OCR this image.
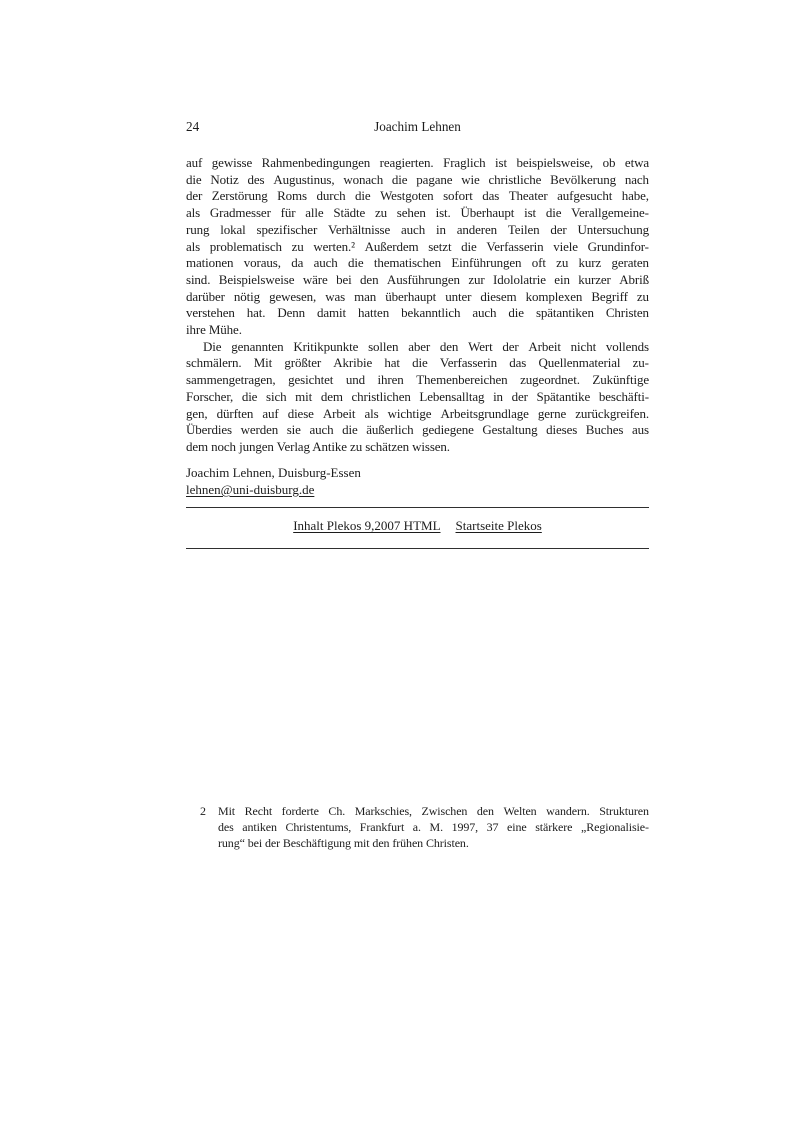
24	Joachim Lehnen
auf gewisse Rahmenbedingungen reagierten. Fraglich ist beispielsweise, ob etwa
die Notiz des Augustinus, wonach die pagane wie christliche Bevölkerung nach
der Zerstörung Roms durch die Westgoten sofort das Theater aufgesucht habe,
als Gradmesser für alle Städte zu sehen ist. Überhaupt ist die Verallgemeine-
rung lokal spezifischer Verhältnisse auch in anderen Teilen der Untersuchung
als problematisch zu werten.² Außerdem setzt die Verfasserin viele Grundinfor-
mationen voraus, da auch die thematischen Einführungen oft zu kurz geraten
sind. Beispielsweise wäre bei den Ausführungen zur Idololatrie ein kurzer Abriß
darüber nötig gewesen, was man überhaupt unter diesem komplexen Begriff zu
verstehen hat. Denn damit hatten bekanntlich auch die spätantiken Christen
ihre Mühe.
Die genannten Kritikpunkte sollen aber den Wert der Arbeit nicht vollends
schmälern. Mit größter Akribie hat die Verfasserin das Quellenmaterial zu-
sammengetragen, gesichtet und ihren Themenbereichen zugeordnet. Zukünftige
Forscher, die sich mit dem christlichen Lebensalltag in der Spätantike beschäfti-
gen, dürften auf diese Arbeit als wichtige Arbeitsgrundlage gerne zurückgreifen.
Überdies werden sie auch die äußerlich gediegene Gestaltung dieses Buches aus
dem noch jungen Verlag Antike zu schätzen wissen.
Joachim Lehnen, Duisburg-Essen
lehnen@uni-duisburg.de
Inhalt Plekos 9,2007 HTML Startseite Plekos
2 Mit Recht forderte Ch. Markschies, Zwischen den Welten wandern. Strukturen
des antiken Christentums, Frankfurt a. M. 1997, 37 eine stärkere „Regionalisie-
rung“ bei der Beschäftigung mit den frühen Christen.
